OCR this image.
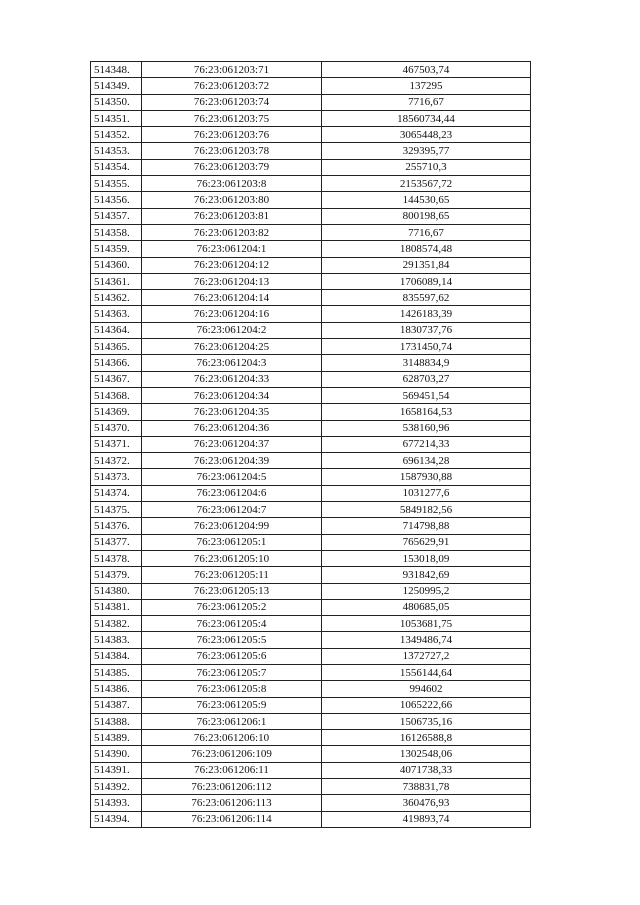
514348.	76:23:061203:71	467503,74
514349.	76:23:061203:72	137295
514350.	76:23:061203:74	7716,67
514351.	76:23:061203:75	18560734,44
514352.	76:23:061203:76	3065448,23
514353.	76:23:061203:78	329395,77
514354.	76:23:061203:79	255710,3
514355.	76:23:061203:8	2153567,72
514356.	76:23:061203:80	144530,65
514357.	76:23:061203:81	800198,65
514358.	76:23:061203:82	7716,67
514359.	76:23:061204:1	1808574,48
514360.	76:23:061204:12	291351,84
514361.	76:23:061204:13	1706089,14
514362.	76:23:061204:14	835597,62
514363.	76:23:061204:16	1426183,39
514364.	76:23:061204:2	1830737,76
514365.	76:23:061204:25	1731450,74
514366.	76:23:061204:3	3148834,9
514367.	76:23:061204:33	628703,27
514368.	76:23:061204:34	569451,54
514369.	76:23:061204:35	1658164,53
514370.	76:23:061204:36	538160,96
514371.	76:23:061204:37	677214,33
514372.	76:23:061204:39	696134,28
514373.	76:23:061204:5	1587930,88
514374.	76:23:061204:6	1031277,6
514375.	76:23:061204:7	5849182,56
514376.	76:23:061204:99	714798,88
514377.	76:23:061205:1	765629,91
514378.	76:23:061205:10	153018,09
514379.	76:23:061205:11	931842,69
514380.	76:23:061205:13	1250995,2
514381.	76:23:061205:2	480685,05
514382.	76:23:061205:4	1053681,75
514383.	76:23:061205:5	1349486,74
514384.	76:23:061205:6	1372727,2
514385.	76:23:061205:7	1556144,64
514386.	76:23:061205:8	994602
514387.	76:23:061205:9	1065222,66
514388.	76:23:061206:1	1506735,16
514389.	76:23:061206:10	16126588,8
514390.	76:23:061206:109	1302548,06
514391.	76:23:061206:11	4071738,33
514392.	76:23:061206:112	738831,78
514393.	76:23:061206:113	360476,93
514394.	76:23:061206:114	419893,74
